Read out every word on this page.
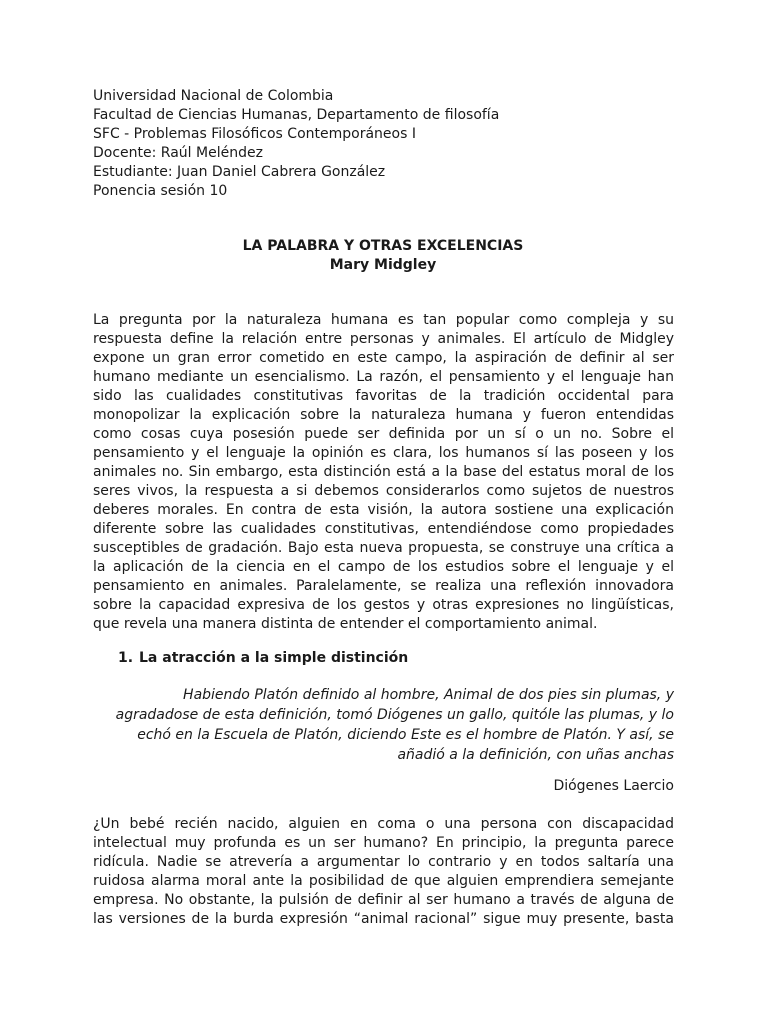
Universidad Nacional de Colombia
Facultad de Ciencias Humanas, Departamento de filosofía
SFC - Problemas Filosóficos Contemporáneos I
Docente: Raúl Meléndez
Estudiante: Juan Daniel Cabrera González
Ponencia sesión 10
LA PALABRA Y OTRAS EXCELENCIAS
Mary Midgley
La pregunta por la naturaleza humana es tan popular como compleja y su
respuesta define la relación entre personas y animales. El artículo de Midgley
expone un gran error cometido en este campo, la aspiración de definir al ser
humano mediante un esencialismo. La razón, el pensamiento y el lenguaje han
sido las cualidades constitutivas favoritas de la tradición occidental para
monopolizar la explicación sobre la naturaleza humana y fueron entendidas
como cosas cuya posesión puede ser definida por un sí o un no. Sobre el
pensamiento y el lenguaje la opinión es clara, los humanos sí las poseen y los
animales no. Sin embargo, esta distinción está a la base del estatus moral de los
seres vivos, la respuesta a si debemos considerarlos como sujetos de nuestros
deberes morales. En contra de esta visión, la autora sostiene una explicación
diferente sobre las cualidades constitutivas, entendiéndose como propiedades
susceptibles de gradación. Bajo esta nueva propuesta, se construye una crítica a
la aplicación de la ciencia en el campo de los estudios sobre el lenguaje y el
pensamiento en animales. Paralelamente, se realiza una reflexión innovadora
sobre la capacidad expresiva de los gestos y otras expresiones no lingüísticas,
que revela una manera distinta de entender el comportamiento animal.
1. La atracción a la simple distinción
Habiendo Platón definido al hombre, Animal de dos pies sin plumas, y
agradadose de esta definición, tomó Diógenes un gallo, quitóle las plumas, y lo
echó en la Escuela de Platón, diciendo Este es el hombre de Platón. Y así, se
añadió a la definición, con uñas anchas
Diógenes Laercio
¿Un bebé recién nacido, alguien en coma o una persona con discapacidad
intelectual muy profunda es un ser humano? En principio, la pregunta parece
ridícula. Nadie se atrevería a argumentar lo contrario y en todos saltaría una
ruidosa alarma moral ante la posibilidad de que alguien emprendiera semejante
empresa. No obstante, la pulsión de definir al ser humano a través de alguna de
las versiones de la burda expresión “animal racional” sigue muy presente, basta
